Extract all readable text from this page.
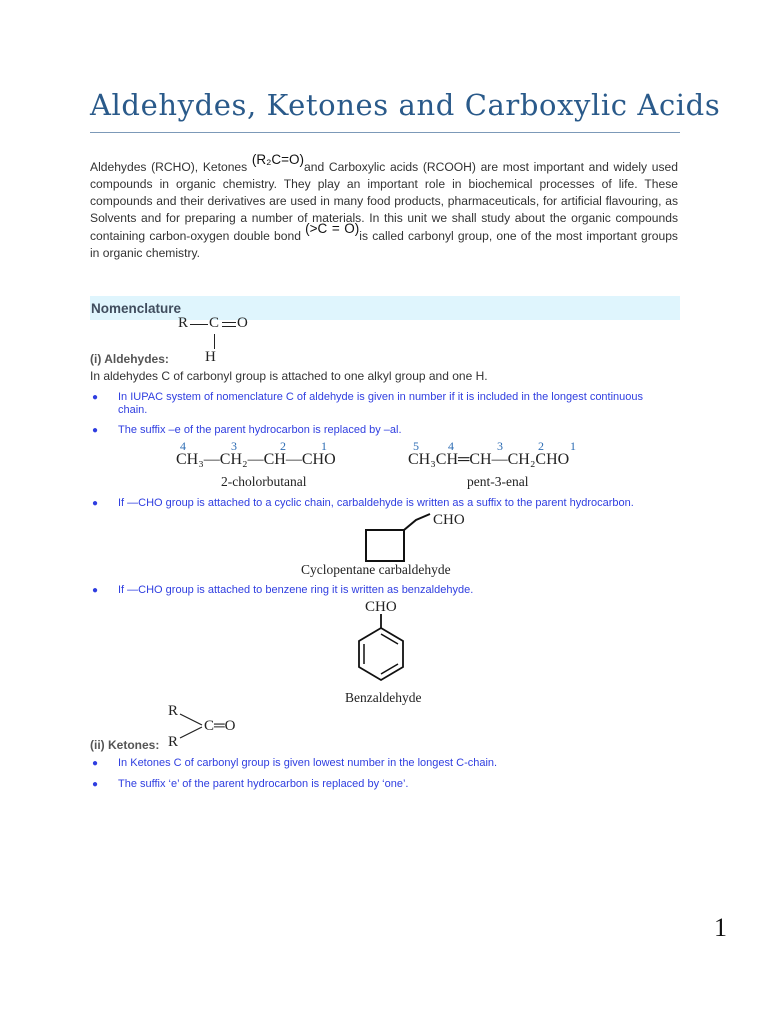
Aldehydes, Ketones and Carboxylic Acids

Aldehydes (RCHO), Ketones (R₂C=O)and Carboxylic acids (RCOOH) are most important and widely used compounds in organic chemistry. They play an important role in biochemical processes of life. These compounds and their derivatives are used in many food products, pharmaceuticals, for artificial flavouring, as Solvents and for preparing a number of materials. In this unit we shall study about the organic compounds containing carbon-oxygen double bond (>C = O)is called carbonyl group, one of the most important groups in organic chemistry.

Nomenclature
R C O
H
(i) Aldehydes:
In aldehydes C of carbonyl group is attached to one alkyl group and one H.
● In IUPAC system of nomenclature C of aldehyde is given in number if it is included in the longest continuous chain.
● The suffix –e of the parent hydrocarbon is replaced by –al.
4	3	2	1
CH₃—CH₂—CH—CHO
2-cholorbutanal
5 4	3	2 1
CH₃CH═CH—CH₂CHO
pent-3-enal
● If —CHO group is attached to a cyclic chain, carbaldehyde is written as a suffix to the parent hydrocarbon.
CHO
Cyclopentane carbaldehyde
● If —CHO group is attached to benzene ring it is written as benzaldehyde.
CHO
Benzaldehyde
R
R
C═O
(ii) Ketones:
● In Ketones C of carbonyl group is given lowest number in the longest C-chain.
● The suffix ‘e’ of the parent hydrocarbon is replaced by ‘one’.
1
